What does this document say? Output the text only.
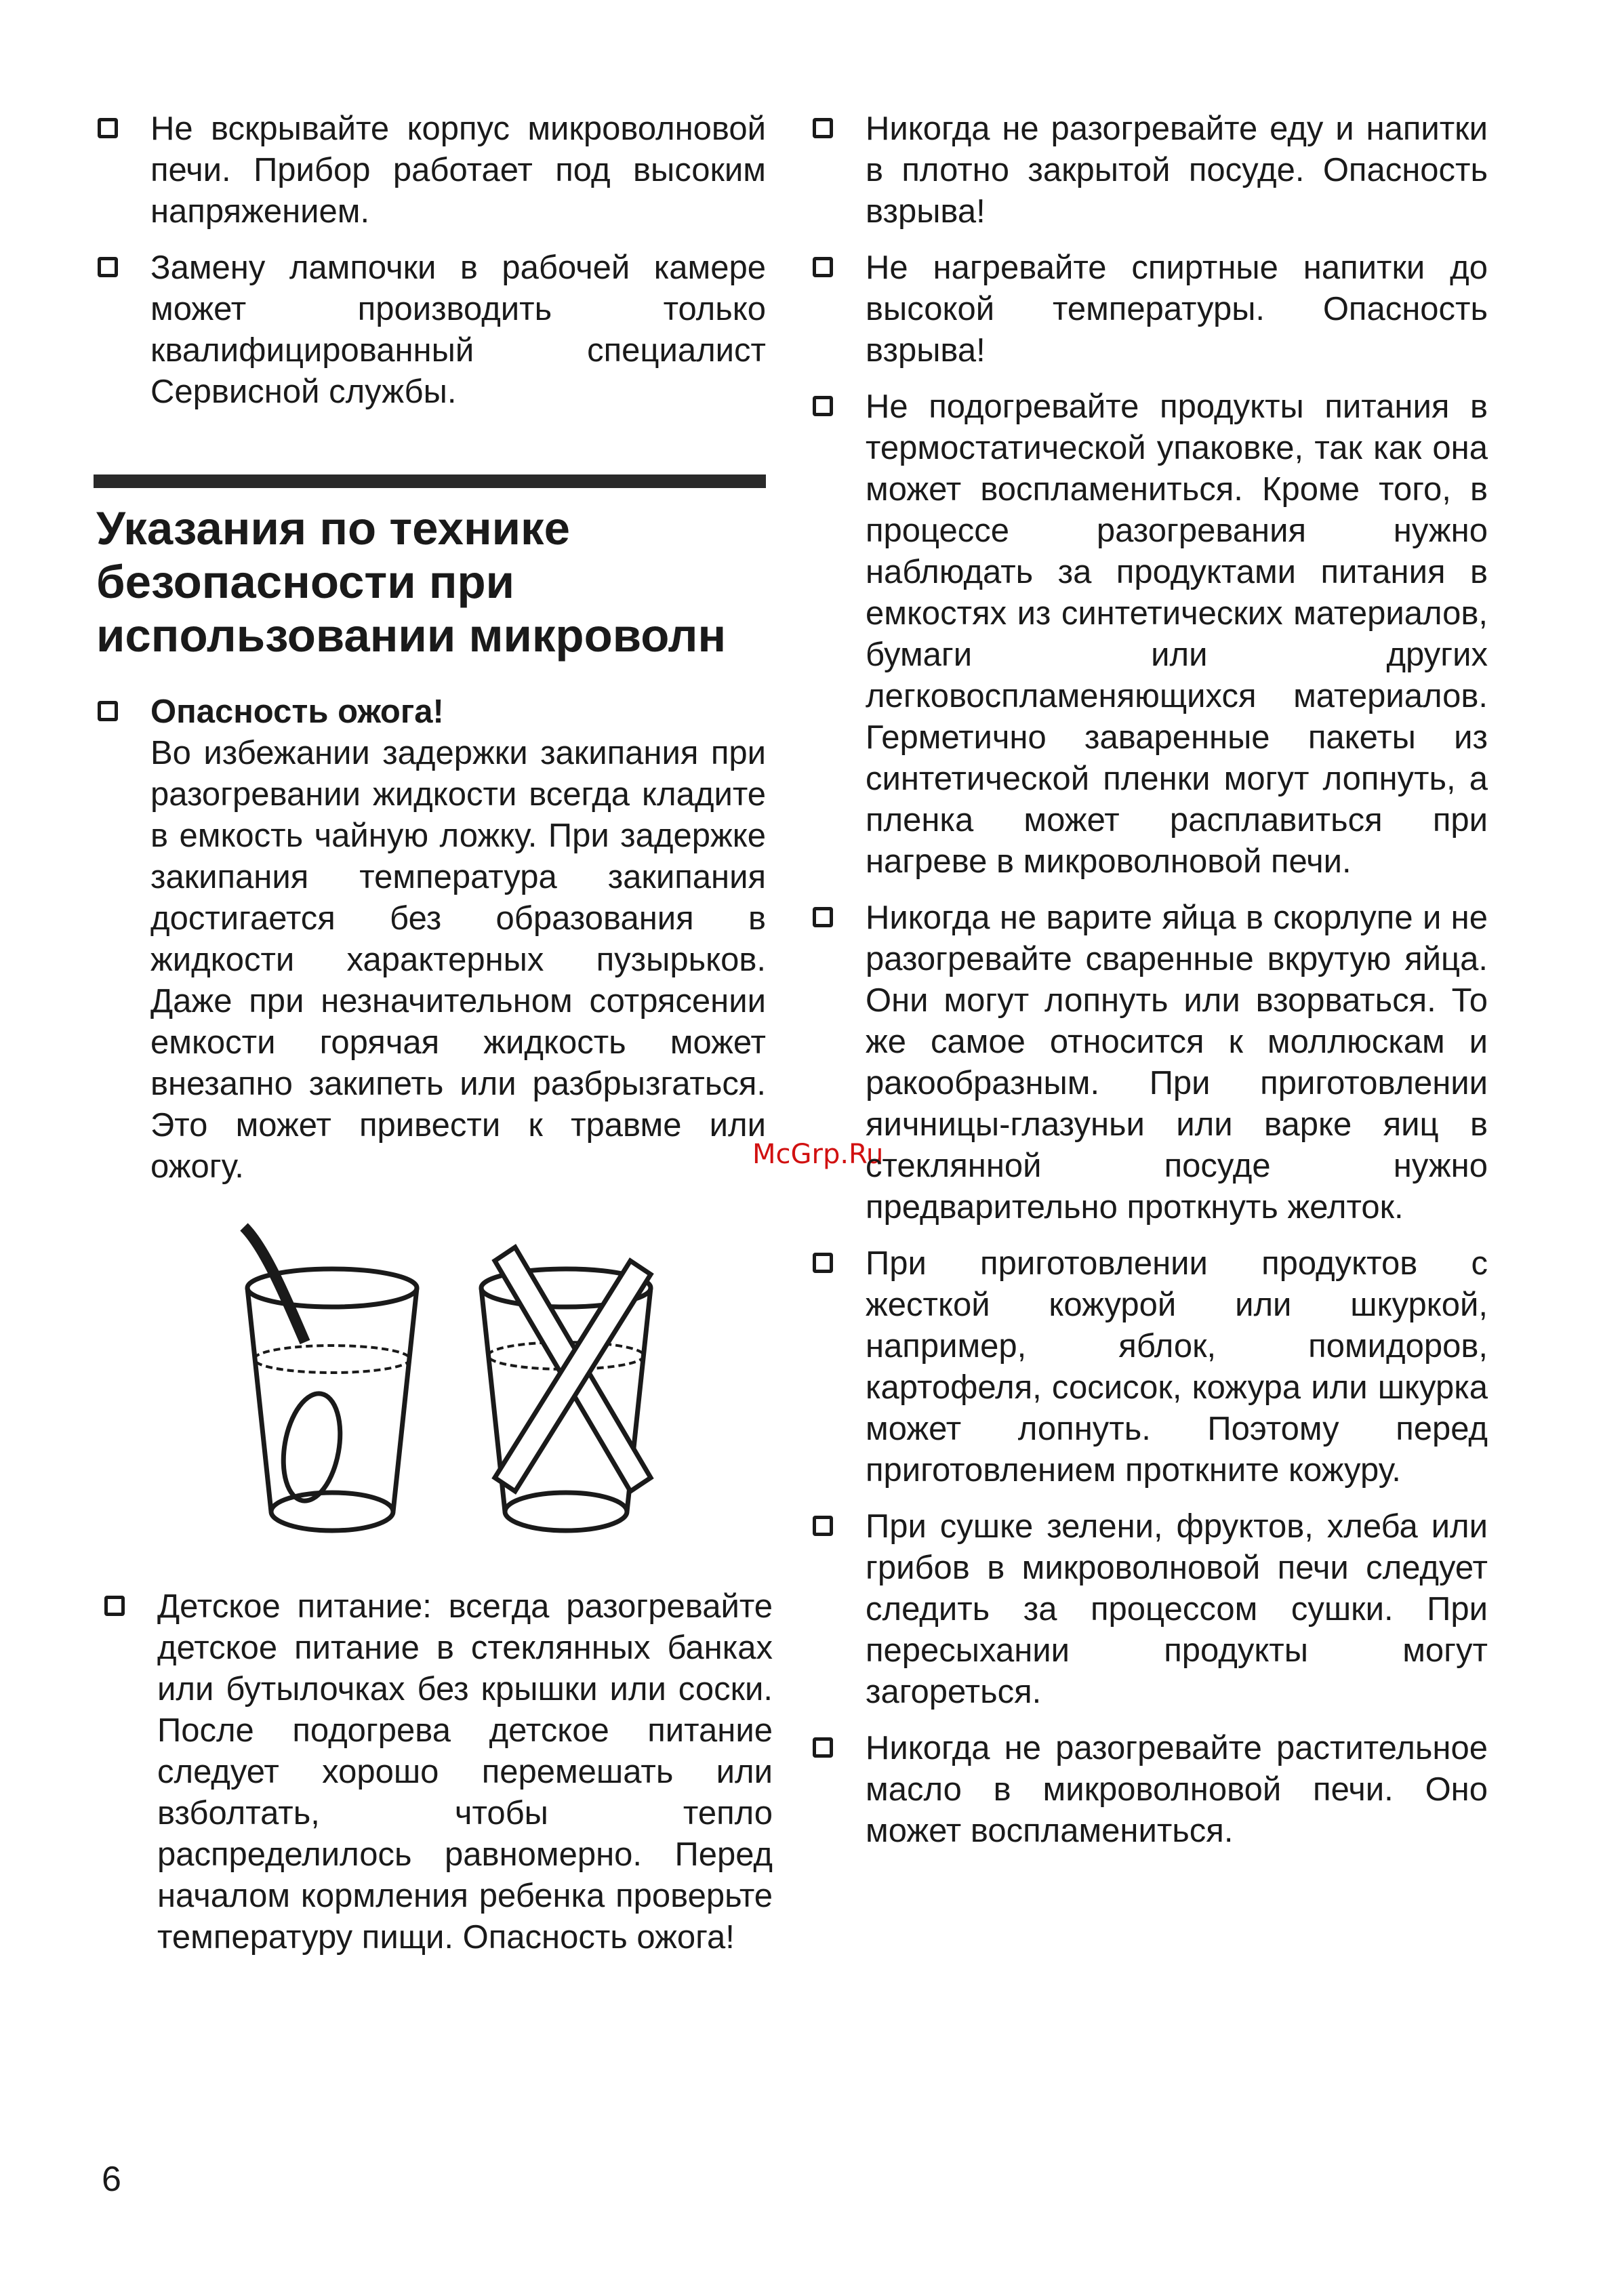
Не вскрывайте корпус микроволновой печи. Прибор работает под высоким напряжением.
Замену лампочки в рабочей камере может производить только квалифицированный специалист Сервисной службы.
Указания по технике
безопасности при
использовании микроволн
Опасность ожога!
Во избежании задержки закипания при разогревании жидкости всегда кладите в емкость чайную ложку. При задержке закипания температура закипания достигается без образования в жидкости характерных пузырьков. Даже при незначительном сотрясении емкости горячая жидкость может внезапно закипеть или разбрызгаться. Это может привести к травме или ожогу.
Детское питание: всегда разогревайте детское питание в стеклянных банках или бутылочках без крышки или соски. После подогрева детское питание следует хорошо перемешать или взболтать, чтобы тепло распределилось равномерно. Перед началом кормления ребенка проверьте температуру пищи. Опасность ожога!
McGrp.Ru
Никогда не разогревайте еду и напитки в плотно закрытой посуде. Опасность взрыва!
Не нагревайте спиртные напитки до высокой температуры. Опасность взрыва!
Не подогревайте продукты питания в термостатической упаковке, так как она может воспламениться. Кроме того, в процессе разогревания нужно наблюдать за продуктами питания в емкостях из синтетических материалов, бумаги или других легковоспламеняющихся материалов. Герметично заваренные пакеты из синтетической пленки могут лопнуть, а пленка может расплавиться при нагреве в микроволновой печи.
Никогда не варите яйца в скорлупе и не разогревайте сваренные вкрутую яйца. Они могут лопнуть или взорваться. То же самое относится к моллюскам и ракообразным. При приготовлении яичницы-глазуньи или варке яиц в стеклянной посуде нужно предварительно проткнуть желток.
При приготовлении продуктов с жесткой кожурой или шкуркой, например, яблок, помидоров, картофеля, сосисок, кожура или шкурка может лопнуть. Поэтому перед приготовлением проткните кожуру.
При сушке зелени, фруктов, хлеба или грибов в микроволновой печи следует следить за процессом сушки. При пересыхании продукты могут загореться.
Никогда не разогревайте растительное масло в микроволновой печи. Оно может воспламениться.
6
